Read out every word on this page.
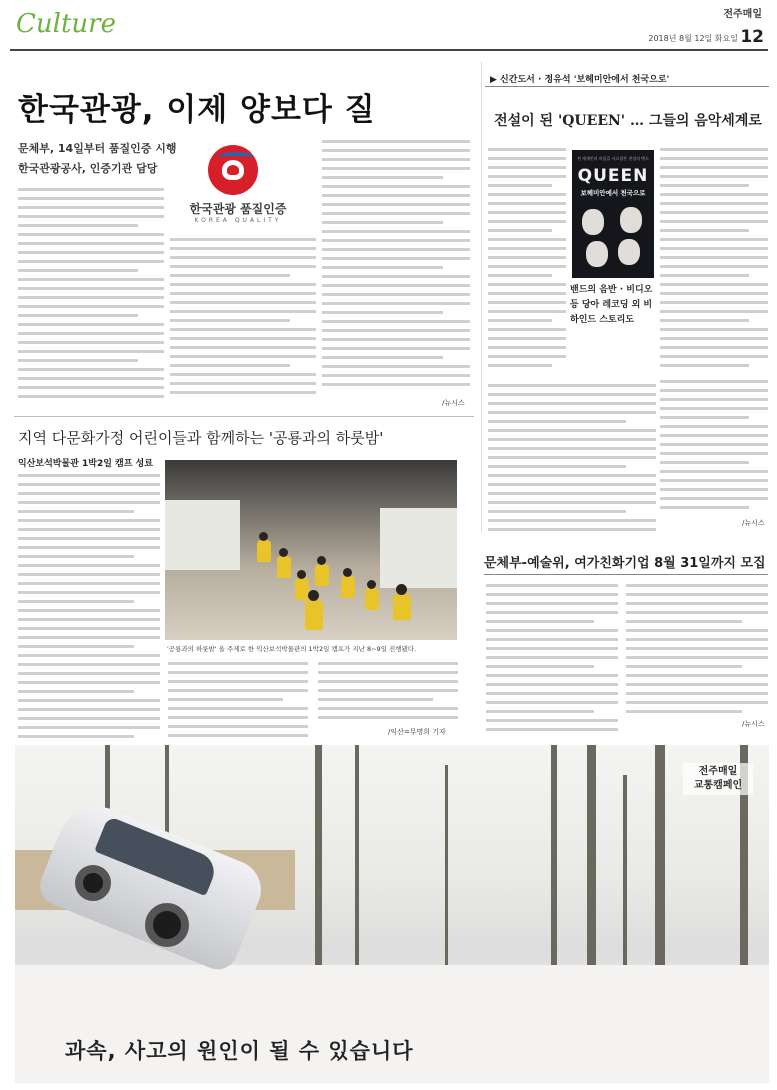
Culture	전주매일
2018년 8월 12일 화요일 12
한국관광, 이제 양보다 질
문체부, 14일부터 품질인증 시행
한국관광공사, 인증기관 담당
한국관광 품질인증
KOREA QUALITY
/뉴시스
▶ 신간도서 · 정유석 '보헤미안에서 천국으로'
전설이 된 'QUEEN' … 그들의 음악세계로
전 세계인의 마음을 사로잡은 전설의 밴드
QUEEN
보헤미안에서 천국으로
밴드의 음반 · 비디오 등 당아 레코딩 외 비하인드 스토리도
/뉴시스
지역 다문화가정 어린이들과 함께하는 '공룡과의 하룻밤'
익산보석박물관 1박2일 캠프 성료
'공룡과의 하룻밤' 올 주제로 한 익산보석박물관의 1박2일 캠프가 지난 8~9일 진행됐다.
/익산=무명희 기자
문체부-예술위, 여가친화기업 8월 31일까지 모집
/뉴시스
전주매일
교통캠페인
과속, 사고의 원인이 될 수 있습니다
